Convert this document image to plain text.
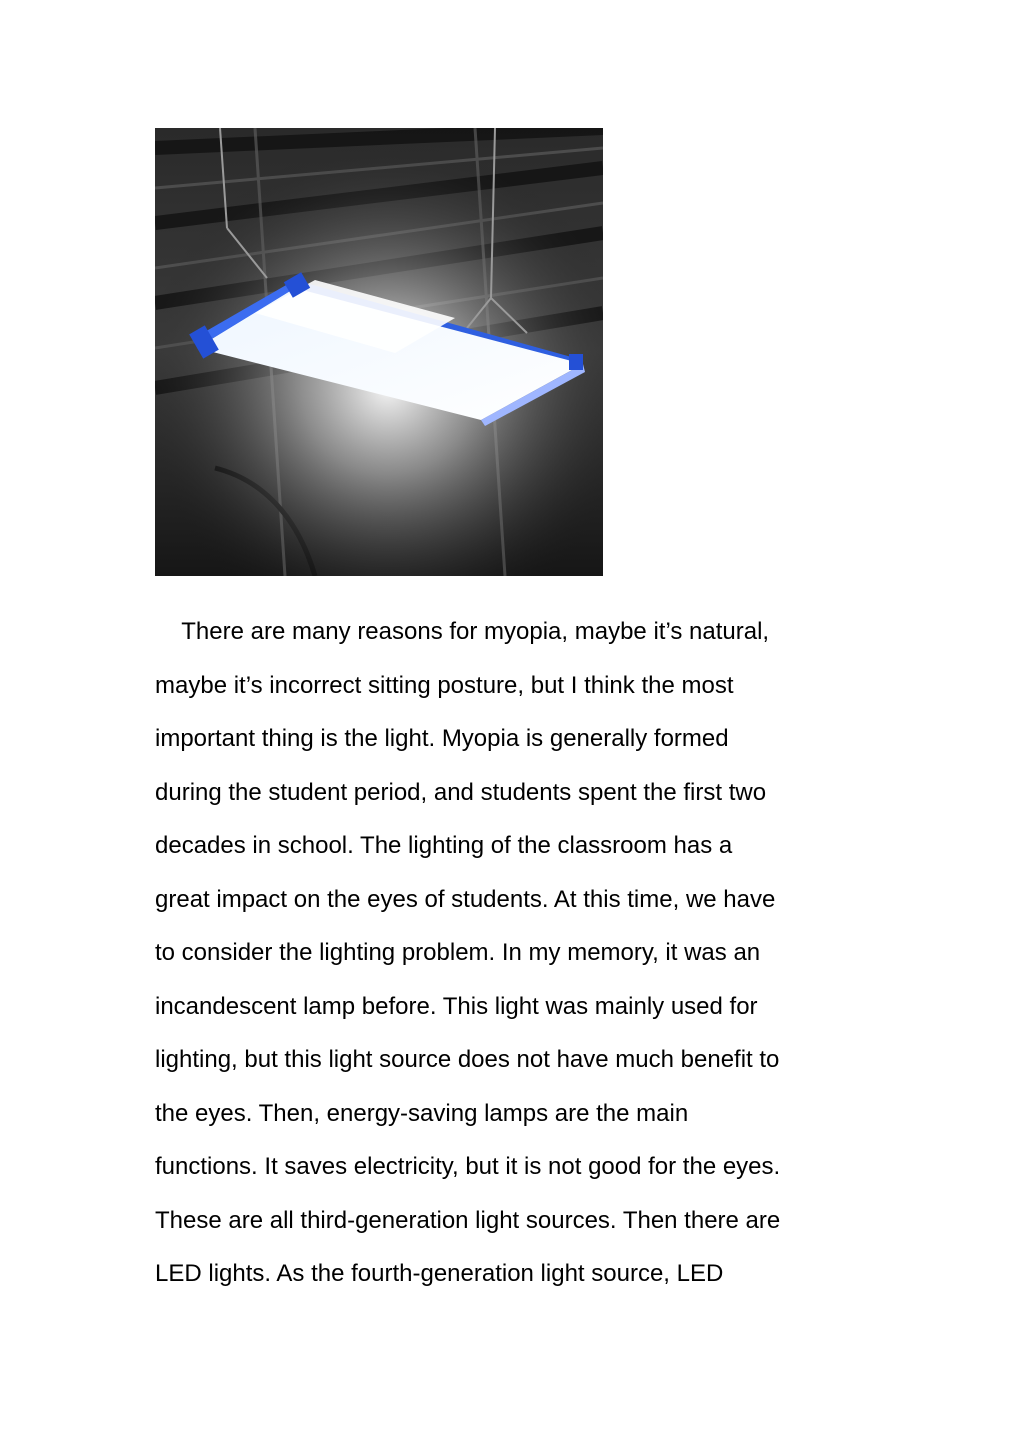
There are many reasons for myopia, maybe it’s natural,
maybe it’s incorrect sitting posture, but I think the most
important thing is the light. Myopia is generally formed
during the student period, and students spent the first two
decades in school. The lighting of the classroom has a
great impact on the eyes of students. At this time, we have
to consider the lighting problem. In my memory, it was an
incandescent lamp before. This light was mainly used for
lighting, but this light source does not have much benefit to
the eyes. Then, energy-saving lamps are the main
functions. It saves electricity, but it is not good for the eyes.
These are all third-generation light sources. Then there are
LED lights. As the fourth-generation light source, LED
